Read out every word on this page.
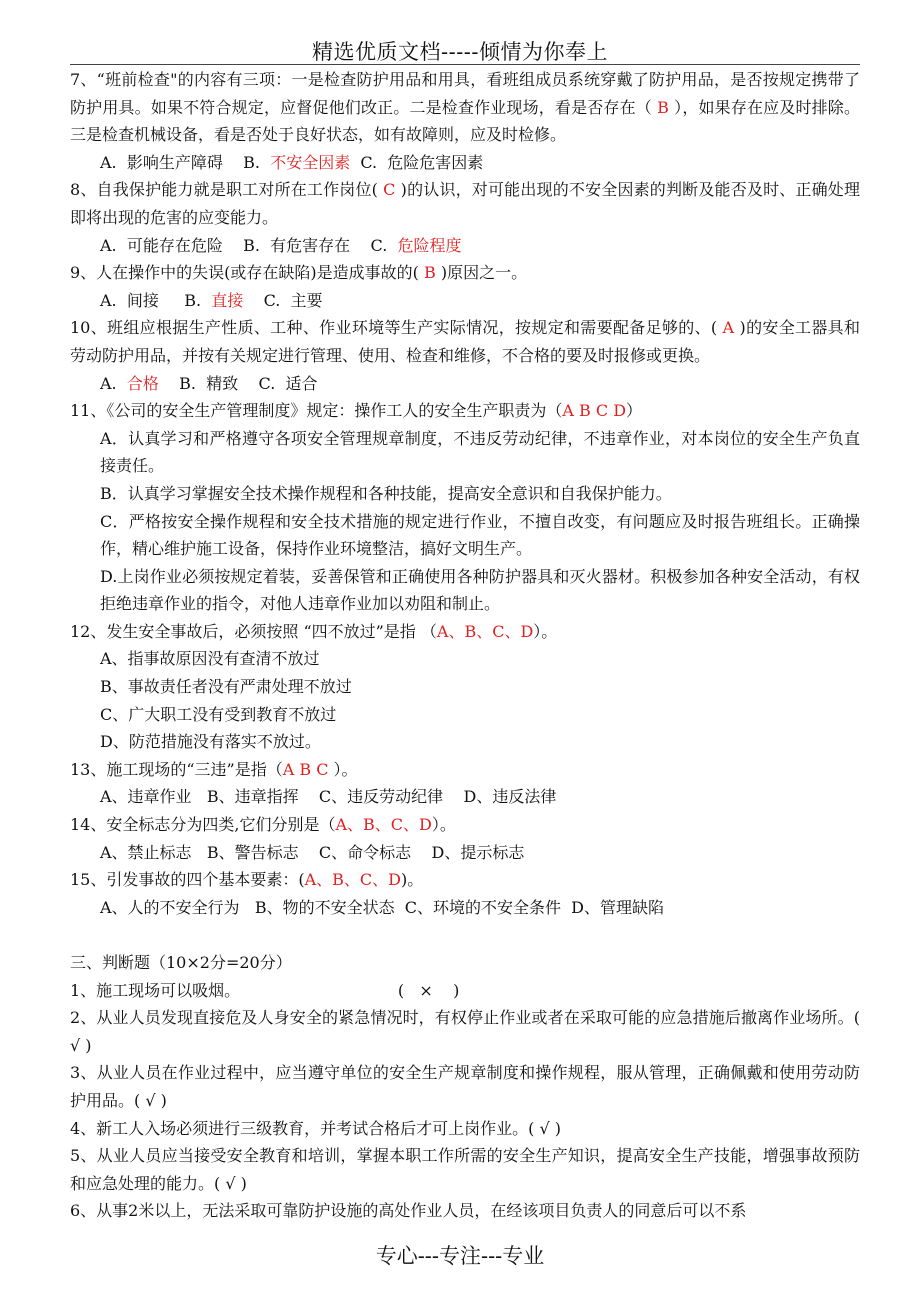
精选优质文档-----倾情为你奉上

7、“班前检查"的内容有三项：一是检查防护用品和用具，看班组成员系统穿戴了防护用品，是否按规定携带了防护用具。如果不符合规定，应督促他们改正。二是检查作业现场，看是否存在（ B ），如果存在应及时排除。三是检查机械设备，看是否处于良好状态，如有故障则，应及时检修。

A.  影响生产障碍    B.  不安全因素  C.  危险危害因素

8、自我保护能力就是职工对所在工作岗位( C )的认识，对可能出现的不安全因素的判断及能否及时、正确处理即将出现的危害的应变能力。

A.  可能存在危险    B.  有危害存在    C.  危险程度

9、人在操作中的失误(或存在缺陷)是造成事故的( B )原因之一。

A.  间接     B.  直接    C.  主要

10、班组应根据生产性质、工种、作业环境等生产实际情况，按规定和需要配备足够的、( A )的安全工器具和劳动防护用品，并按有关规定进行管理、使用、检查和维修，不合格的要及时报修或更换。

A.  合格    B.  精致    C.  适合

11、《公司的安全生产管理制度》规定：操作工人的安全生产职责为（A B C D）

A．认真学习和严格遵守各项安全管理规章制度，不违反劳动纪律，不违章作业，对本岗位的安全生产负直接责任。

B．认真学习掌握安全技术操作规程和各种技能，提高安全意识和自我保护能力。

C．严格按安全操作规程和安全技术措施的规定进行作业，不擅自改变，有问题应及时报告班组长。正确操作，精心维护施工设备，保持作业环境整洁，搞好文明生产。

D.上岗作业必须按规定着装，妥善保管和正确使用各种防护器具和灭火器材。积极参加各种安全活动，有权拒绝违章作业的指令，对他人违章作业加以劝阻和制止。

12、发生安全事故后，必须按照 “四不放过”是指 （A、B、C、D）。

A、指事故原因没有查清不放过

B、事故责任者没有严肃处理不放过

C、广大职工没有受到教育不放过

D、防范措施没有落实不放过。

13、施工现场的“三违”是指（A B C ）。

A、违章作业   B、违章指挥    C、违反劳动纪律    D、违反法律

14、安全标志分为四类,它们分别是（A、B、C、D）。

A、禁止标志   B、警告标志    C、命令标志    D、提示标志

15、引发事故的四个基本要素：(A、B、C、D)。

A、人的不安全行为   B、物的不安全状态  C、环境的不安全条件  D、管理缺陷

三、判断题（10×2分=20分）

1、施工现场可以吸烟。                               (   ×    )

2、从业人员发现直接危及人身安全的紧急情况时，有权停止作业或者在采取可能的应急措施后撤离作业场所。( √ )

3、从业人员在作业过程中，应当遵守单位的安全生产规章制度和操作规程，服从管理，正确佩戴和使用劳动防护用品。( √ )

4、新工人入场必须进行三级教育，并考试合格后才可上岗作业。( √ )

5、从业人员应当接受安全教育和培训，掌握本职工作所需的安全生产知识，提高安全生产技能，增强事故预防和应急处理的能力。( √ )

6、从事2米以上，无法采取可靠防护设施的高处作业人员，在经该项目负责人的同意后可以不系

专心---专注---专业
